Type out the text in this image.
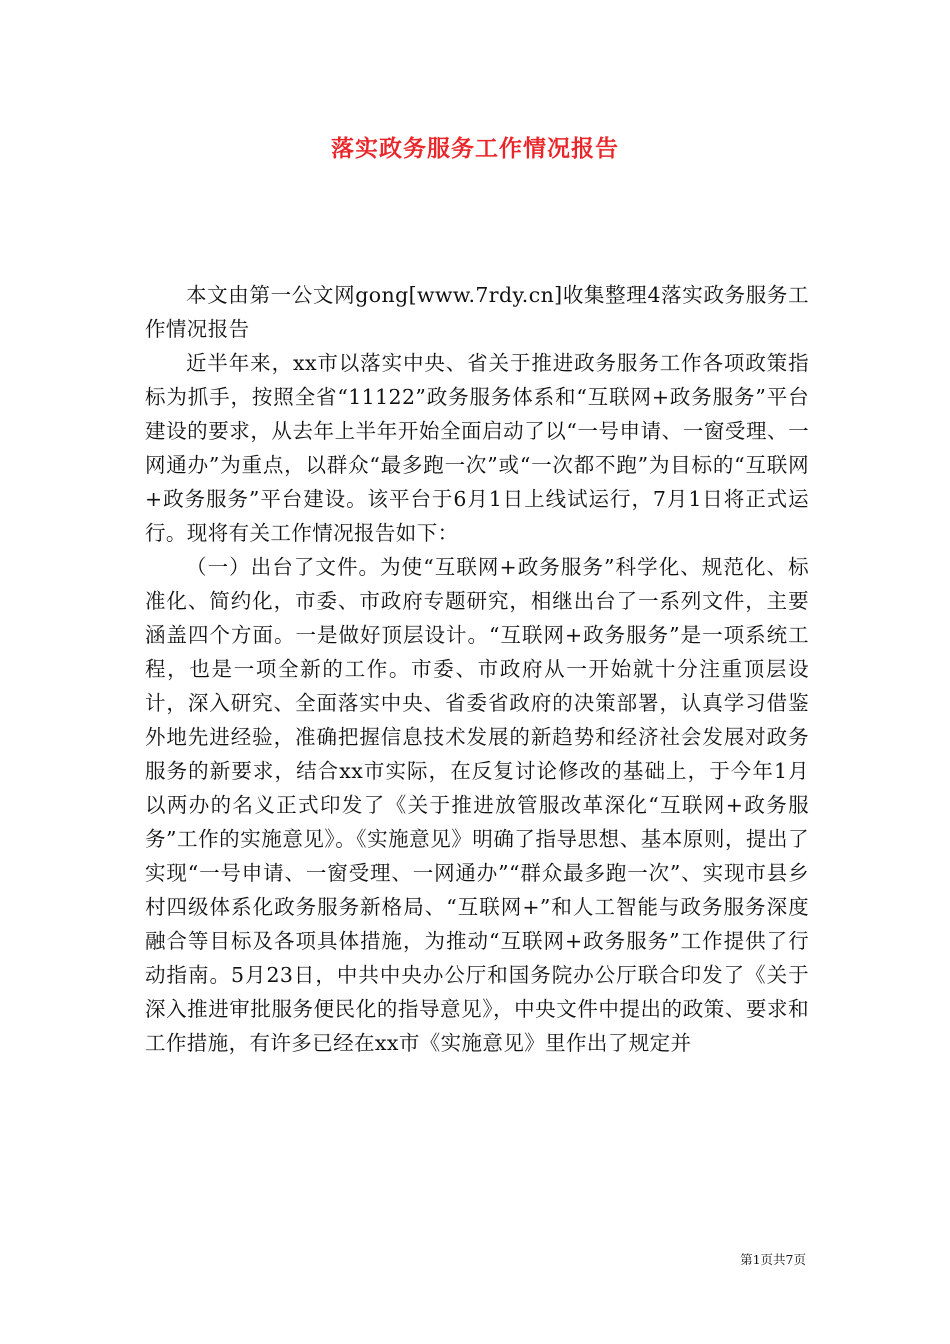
落实政务服务工作情况报告

本文由第一公文网gong[www.7rdy.cn]收集整理4落实政务服务工作情况报告

近半年来，xx市以落实中央、省关于推进政务服务工作各项政策指标为抓手，按照全省“11122”政务服务体系和“互联网+政务服务”平台建设的要求，从去年上半年开始全面启动了以“一号申请、一窗受理、一网通办”为重点，以群众“最多跑一次”或“一次都不跑”为目标的“互联网+政务服务”平台建设。该平台于6月1日上线试运行，7月1日将正式运行。现将有关工作情况报告如下：

（一）出台了文件。为使“互联网+政务服务”科学化、规范化、标准化、简约化，市委、市政府专题研究，相继出台了一系列文件，主要涵盖四个方面。一是做好顶层设计。“互联网+政务服务”是一项系统工程，也是一项全新的工作。市委、市政府从一开始就十分注重顶层设计，深入研究、全面落实中央、省委省政府的决策部署，认真学习借鉴外地先进经验，准确把握信息技术发展的新趋势和经济社会发展对政务服务的新要求，结合xx市实际，在反复讨论修改的基础上，于今年1月以两办的名义正式印发了《关于推进放管服改革深化“互联网+政务服务”工作的实施意见》。《实施意见》明确了指导思想、基本原则，提出了实现“一号申请、一窗受理、一网通办”“群众最多跑一次”、实现市县乡村四级体系化政务服务新格局、“互联网+”和人工智能与政务服务深度融合等目标及各项具体措施，为推动“互联网+政务服务”工作提供了行动指南。5月23日，中共中央办公厅和国务院办公厅联合印发了《关于深入推进审批服务便民化的指导意见》，中央文件中提出的政策、要求和工作措施，有许多已经在xx市《实施意见》里作出了规定并

第1页共7页
